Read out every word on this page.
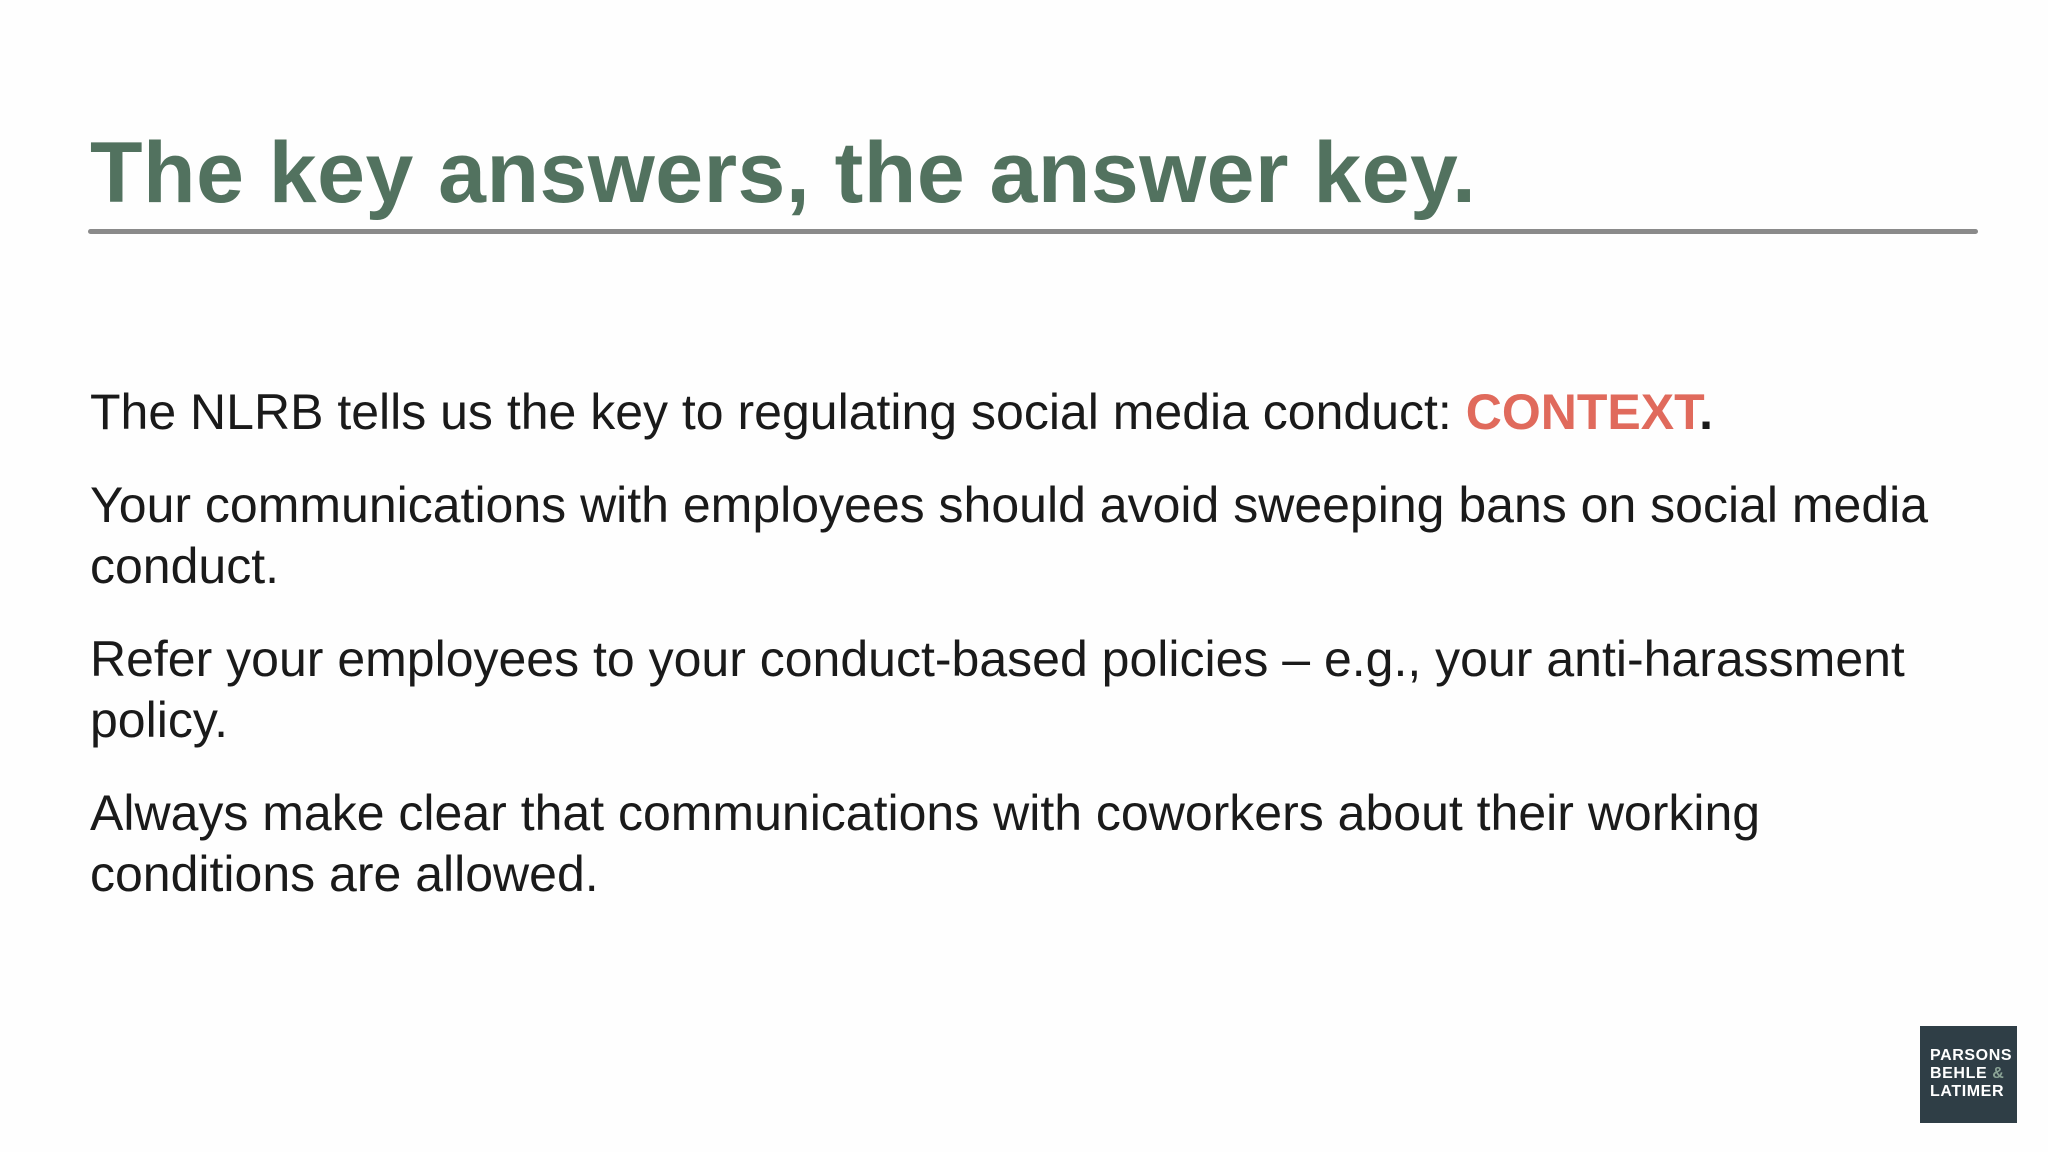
The key answers, the answer key.

The NLRB tells us the key to regulating social media conduct: CONTEXT.

Your communications with employees should avoid sweeping bans on social media conduct.

Refer your employees to your conduct-based policies – e.g., your anti-harassment policy.

Always make clear that communications with coworkers about their working conditions are allowed.

PARSONS
BEHLE &
LATIMER
